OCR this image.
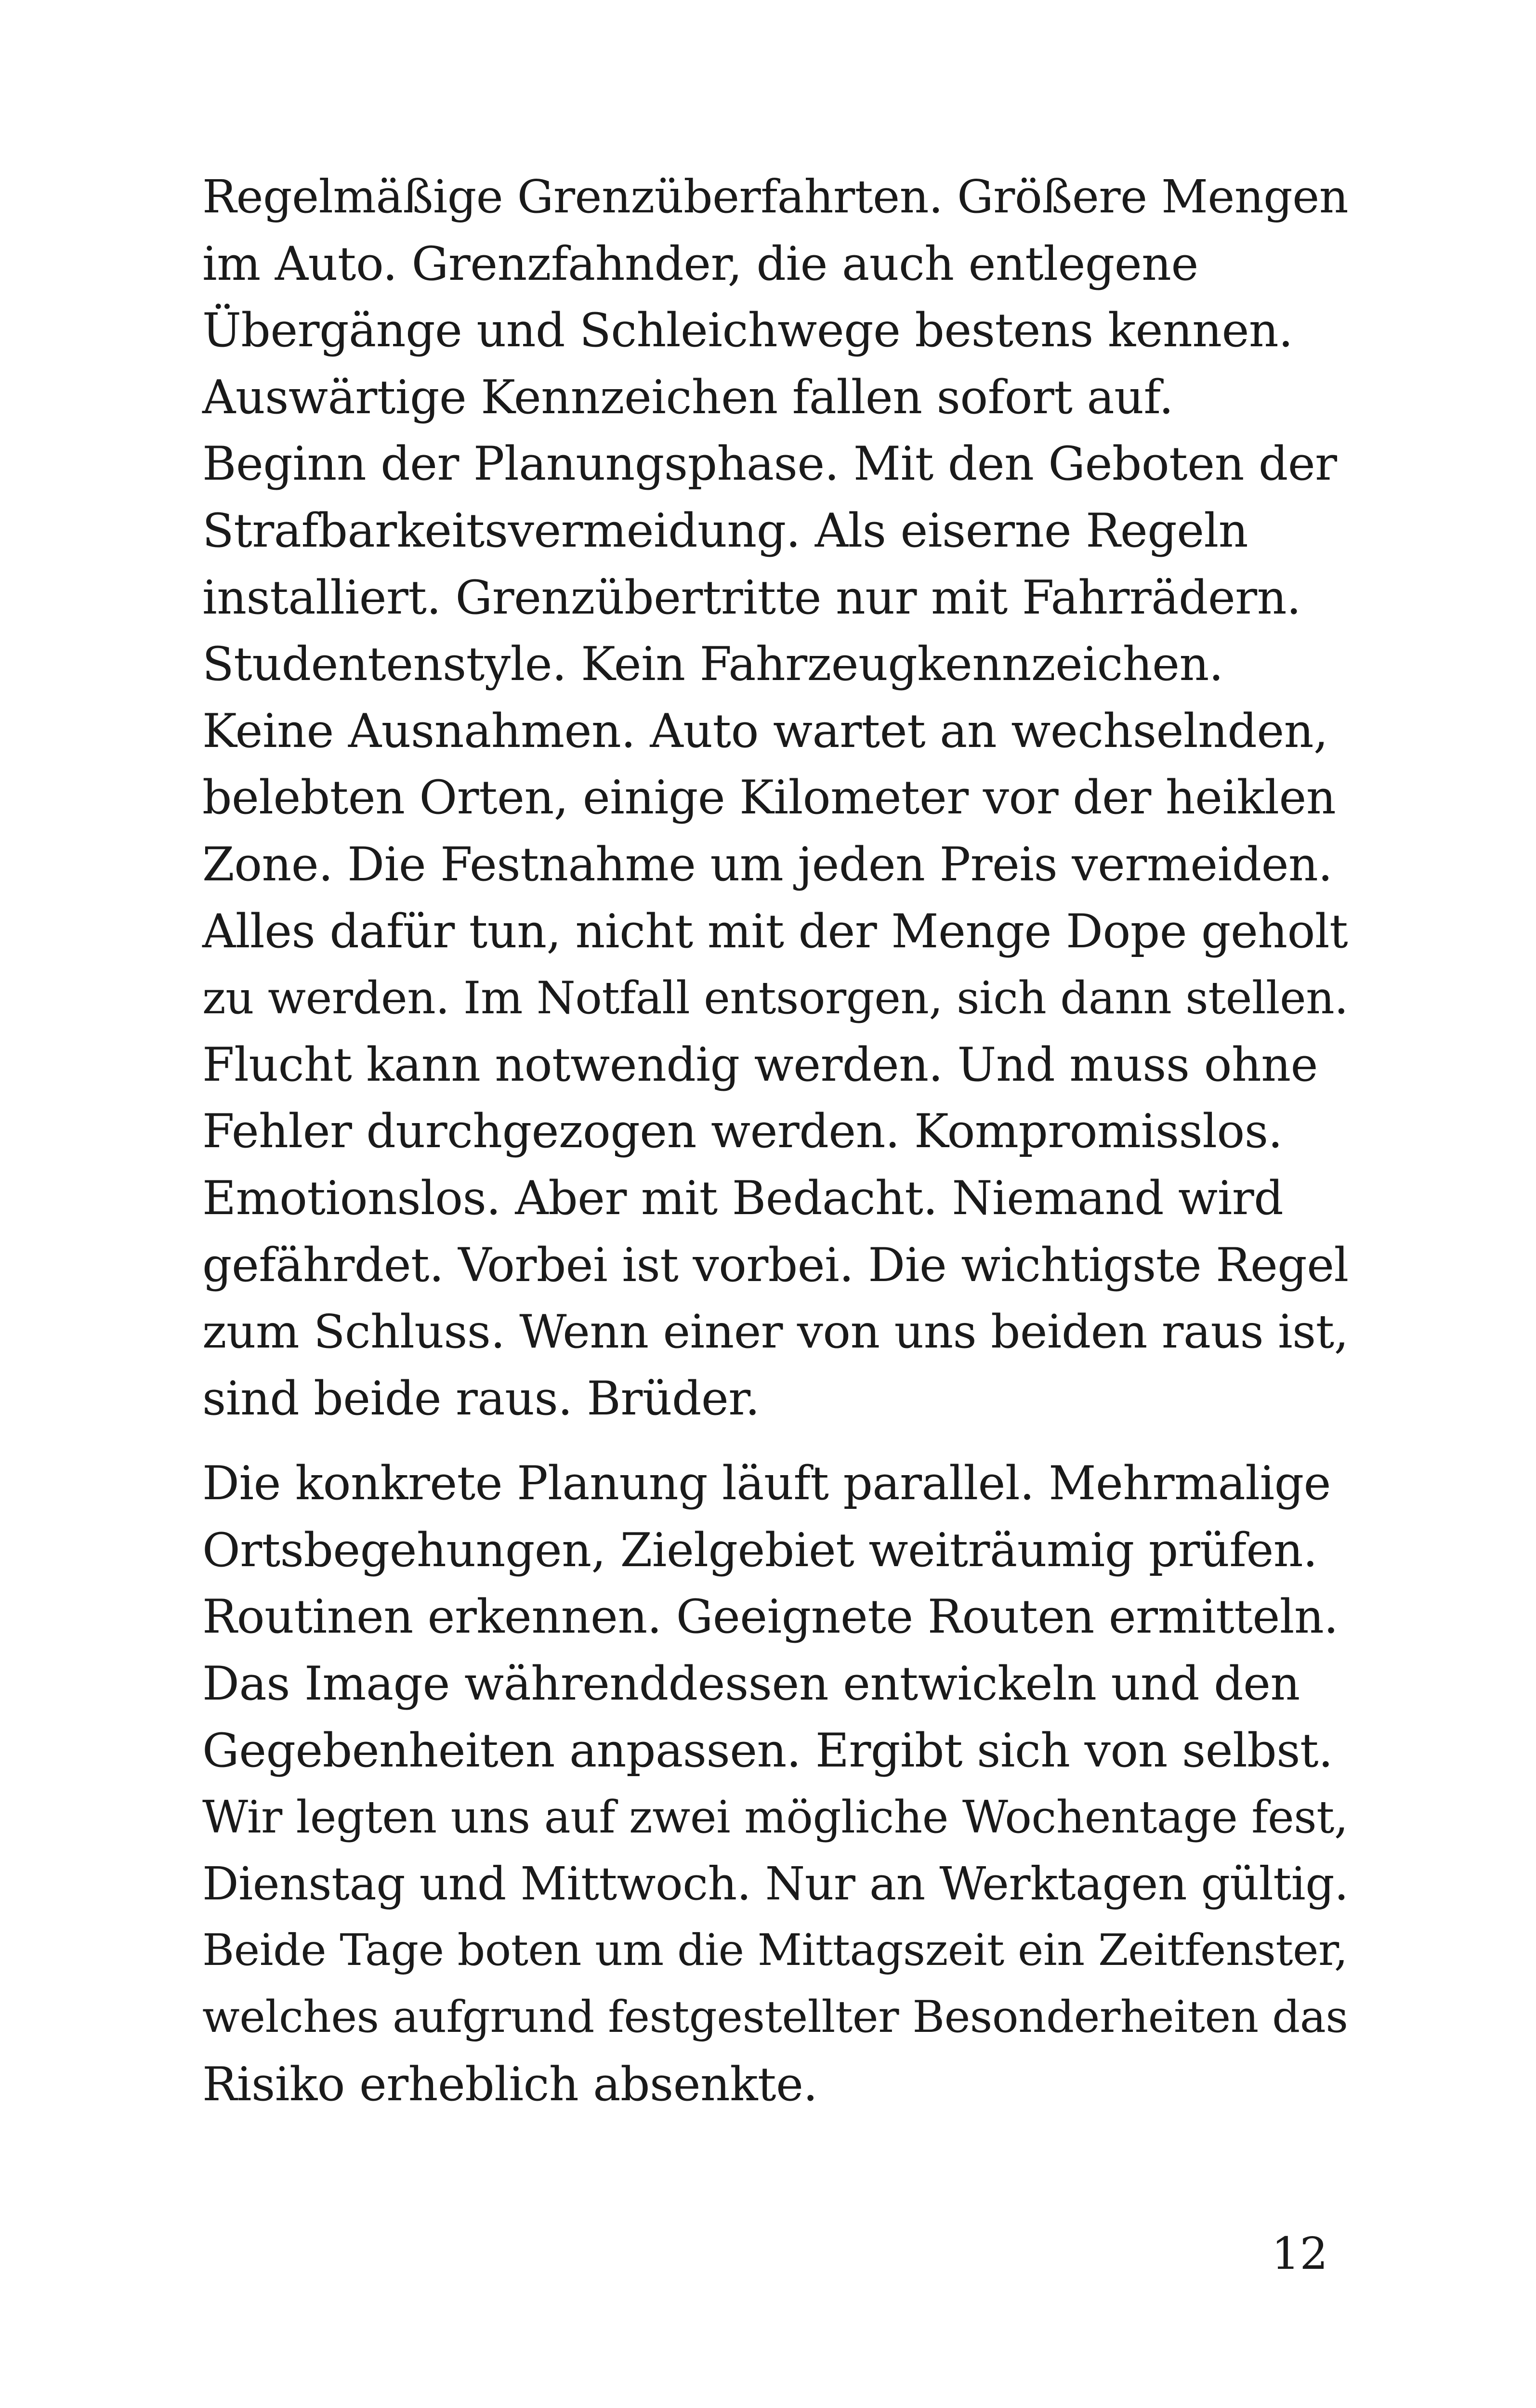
Regelmäßige Grenzüberfahrten. Größere Mengen
im Auto. Grenzfahnder, die auch entlegene
Übergänge und Schleichwege bestens kennen.
Auswärtige Kennzeichen fallen sofort auf.
Beginn der Planungsphase. Mit den Geboten der
Strafbarkeitsvermeidung. Als eiserne Regeln
installiert. Grenzübertritte nur mit Fahrrädern.
Studentenstyle. Kein Fahrzeugkennzeichen.
Keine Ausnahmen. Auto wartet an wechselnden,
belebten Orten, einige Kilometer vor der heiklen
Zone. Die Festnahme um jeden Preis vermeiden.
Alles dafür tun, nicht mit der Menge Dope geholt
zu werden. Im Notfall entsorgen, sich dann stellen.
Flucht kann notwendig werden. Und muss ohne
Fehler durchgezogen werden. Kompromisslos.
Emotionslos. Aber mit Bedacht. Niemand wird
gefährdet. Vorbei ist vorbei. Die wichtigste Regel
zum Schluss. Wenn einer von uns beiden raus ist,
sind beide raus. Brüder.

Die konkrete Planung läuft parallel. Mehrmalige
Ortsbegehungen, Zielgebiet weiträumig prüfen.
Routinen erkennen. Geeignete Routen ermitteln.
Das Image währenddessen entwickeln und den
Gegebenheiten anpassen. Ergibt sich von selbst.
Wir legten uns auf zwei mögliche Wochentage fest,
Dienstag und Mittwoch. Nur an Werktagen gültig.
Beide Tage boten um die Mittagszeit ein Zeitfenster,
welches aufgrund festgestellter Besonderheiten das
Risiko erheblich absenkte.

12
